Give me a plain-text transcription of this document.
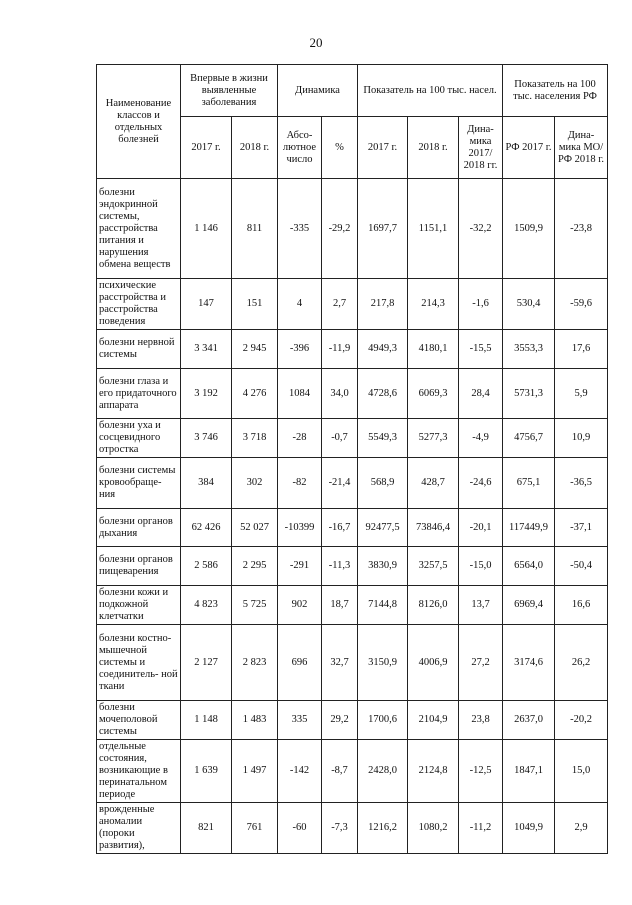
20
Наименование классов и отдельных болезней	Впервые в жизни выявленные заболевания		Динамика		Показатель на 100 тыс. насел.			Показатель на 100 тыс. населения РФ	
	2017 г.	2018 г.	Абсо- лютное число	%	2017 г.	2018 г.	Дина- мика 2017/ 2018 гг.	РФ 2017 г.	Дина- мика МО/ РФ 2018 г.
болезни эндокринной системы, расстройства питания и нарушения обмена веществ	1 146	811	-335	-29,2	1697,7	1151,1	-32,2	1509,9	-23,8
психические расстройства и расстройства поведения	147	151	4	2,7	217,8	214,3	-1,6	530,4	-59,6
болезни нервной системы	3 341	2 945	-396	-11,9	4949,3	4180,1	-15,5	3553,3	17,6
болезни глаза и его придаточного аппарата	3 192	4 276	1084	34,0	4728,6	6069,3	28,4	5731,3	5,9
болезни уха и сосцевидного отростка	3 746	3 718	-28	-0,7	5549,3	5277,3	-4,9	4756,7	10,9
болезни системы кровообраще- ния	384	302	-82	-21,4	568,9	428,7	-24,6	675,1	-36,5
болезни органов дыхания	62 426	52 027	-10399	-16,7	92477,5	73846,4	-20,1	117449,9	-37,1
болезни органов пищеварения	2 586	2 295	-291	-11,3	3830,9	3257,5	-15,0	6564,0	-50,4
болезни кожи и подкожной клетчатки	4 823	5 725	902	18,7	7144,8	8126,0	13,7	6969,4	16,6
болезни костно- мышечной системы и соединитель- ной ткани	2 127	2 823	696	32,7	3150,9	4006,9	27,2	3174,6	26,2
болезни мочеполовой системы	1 148	1 483	335	29,2	1700,6	2104,9	23,8	2637,0	-20,2
отдельные состояния, возникающие в перинатальном периоде	1 639	1 497	-142	-8,7	2428,0	2124,8	-12,5	1847,1	15,0
врожденные аномалии (пороки развития),	821	761	-60	-7,3	1216,2	1080,2	-11,2	1049,9	2,9
